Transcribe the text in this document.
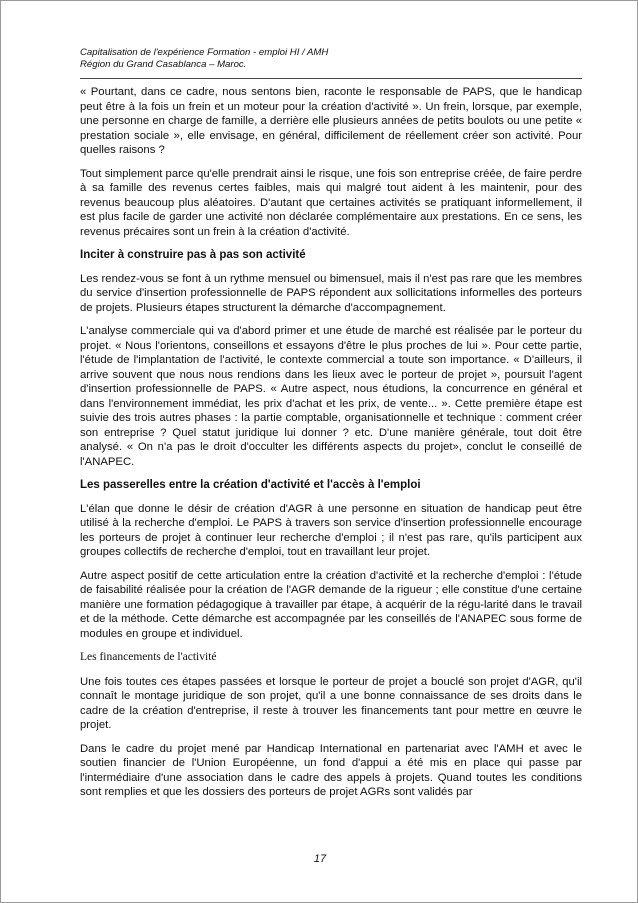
Capitalisation de l'expérience Formation - emploi HI / AMH
Région du Grand Casablanca – Maroc.

« Pourtant, dans ce cadre, nous sentons bien, raconte le responsable de PAPS, que le handicap peut être à la fois un frein et un moteur pour la création d'activité ». Un frein, lorsque, par exemple, une personne en charge de famille, a derrière elle plusieurs années de petits boulots ou une petite « prestation sociale », elle envisage, en général, difficilement de réellement créer son activité. Pour quelles raisons ?

Tout simplement parce qu'elle prendrait ainsi le risque, une fois son entreprise créée, de faire perdre à sa famille des revenus certes faibles, mais qui malgré tout aident à les maintenir, pour des revenus beaucoup plus aléatoires. D'autant que certaines activités se pratiquant informellement, il est plus facile de garder une activité non déclarée complémentaire aux prestations. En ce sens, les revenus précaires sont un frein à la création d'activité.

Inciter à construire pas à pas son activité

Les rendez-vous se font à un rythme mensuel ou bimensuel, mais il n'est pas rare que les membres du service d'insertion professionnelle de PAPS répondent aux sollicitations informelles des porteurs de projets. Plusieurs étapes structurent la démarche d'accompagnement.

L'analyse commerciale qui va d'abord primer et une étude de marché est réalisée par le porteur du projet. « Nous l'orientons, conseillons et essayons d'être le plus proches de lui ». Pour cette partie, l'étude de l'implantation de l'activité, le contexte commercial a toute son importance. « D'ailleurs, il arrive souvent que nous nous rendions dans les lieux avec le porteur de projet », poursuit l'agent d'insertion professionnelle de PAPS. « Autre aspect, nous étudions, la concurrence en général et dans l'environnement immédiat, les prix d'achat et les prix, de vente... ». Cette première étape est suivie des trois autres phases : la partie comptable, organisationnelle et technique : comment créer son entreprise ? Quel statut juridique lui donner ? etc. D'une manière générale, tout doit être analysé. « On n'a pas le droit d'occulter les différents aspects du projet», conclut le conseillé de l'ANAPEC.

Les passerelles entre la création d'activité et l'accès à l'emploi

L'élan que donne le désir de création d'AGR à une personne en situation de handicap peut être utilisé à la recherche d'emploi. Le PAPS à travers son service d'insertion professionnelle encourage les porteurs de projet à continuer leur recherche d'emploi ; il n'est pas rare, qu'ils participent aux groupes collectifs de recherche d'emploi, tout en travaillant leur projet.

Autre aspect positif de cette articulation entre la création d'activité et la recherche d'emploi : l'étude de faisabilité réalisée pour la création de l'AGR demande de la rigueur ; elle constitue d'une certaine manière une formation pédagogique à travailler par étape, à acquérir de la régu-larité dans le travail et de la méthode. Cette démarche est accompagnée par les conseillés de l'ANAPEC sous forme de modules en groupe et individuel.

Les financements de l'activité

Une fois toutes ces étapes passées et lorsque le porteur de projet a bouclé son projet d'AGR, qu'il connaît le montage juridique de son projet, qu'il a une bonne connaissance de ses droits dans le cadre de la création d'entreprise, il reste à trouver les financements tant pour mettre en œuvre le projet.

Dans le cadre du projet mené par Handicap International en partenariat avec l'AMH et avec le soutien financier de l'Union Européenne, un fond d'appui a été mis en place qui passe par l'intermédiaire d'une association dans le cadre des appels à projets. Quand toutes les conditions sont remplies et que les dossiers des porteurs de projet AGRs sont validés par

17
